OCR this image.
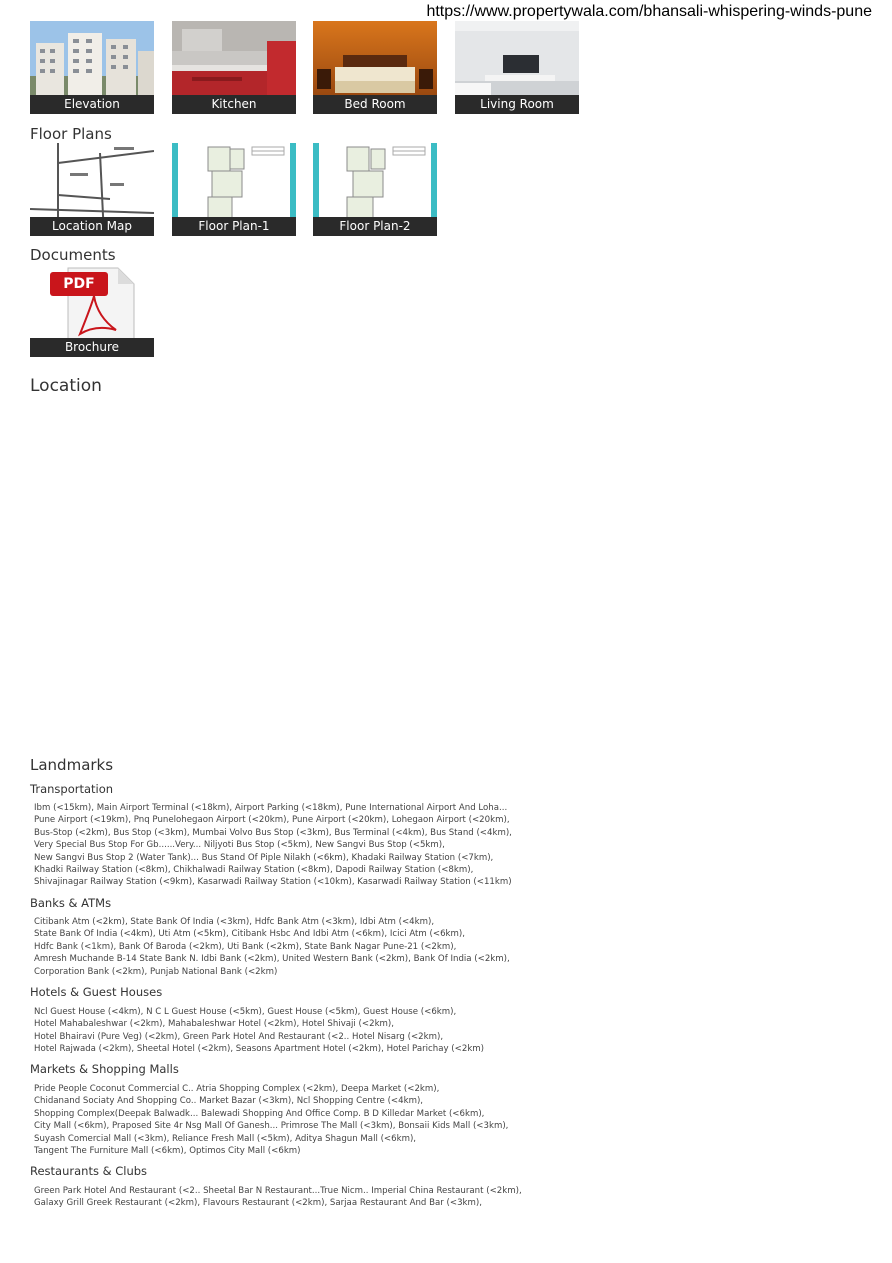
https://www.propertywala.com/bhansali-whispering-winds-pune
Elevation	Kitchen	Bed Room	Living Room
Floor Plans
Location Map	Floor Plan-1	Floor Plan-2
Documents
PDF
Brochure
Location
Landmarks
Transportation
Ibm (<15km), Main Airport Terminal (<18km), Airport Parking (<18km), Pune International Airport And Loha...
Pune Airport (<19km), Pnq Punelohegaon Airport (<20km), Pune Airport (<20km), Lohegaon Airport (<20km),
Bus-Stop (<2km), Bus Stop (<3km), Mumbai Volvo Bus Stop (<3km), Bus Terminal (<4km), Bus Stand (<4km),
Very Special Bus Stop For Gb......Very... Niljyoti Bus Stop (<5km), New Sangvi Bus Stop (<5km),
New Sangvi Bus Stop 2 (Water Tank)... Bus Stand Of Piple Nilakh (<6km), Khadaki Railway Station (<7km),
Khadki Railway Station (<8km), Chikhalwadi Railway Station (<8km), Dapodi Railway Station (<8km),
Shivajinagar Railway Station (<9km), Kasarwadi Railway Station (<10km), Kasarwadi Railway Station (<11km)
Banks & ATMs
Citibank Atm (<2km), State Bank Of India (<3km), Hdfc Bank Atm (<3km), Idbi Atm (<4km),
State Bank Of India (<4km), Uti Atm (<5km), Citibank Hsbc And Idbi Atm (<6km), Icici Atm (<6km),
Hdfc Bank (<1km), Bank Of Baroda (<2km), Uti Bank (<2km), State Bank Nagar Pune-21 (<2km),
Amresh Muchande B-14 State Bank N. Idbi Bank (<2km), United Western Bank (<2km), Bank Of India (<2km),
Corporation Bank (<2km), Punjab National Bank (<2km)
Hotels & Guest Houses
Ncl Guest House (<4km), N C L Guest House (<5km), Guest House (<5km), Guest House (<6km),
Hotel Mahabaleshwar (<2km), Mahabaleshwar Hotel (<2km), Hotel Shivaji (<2km),
Hotel Bhairavi (Pure Veg) (<2km), Green Park Hotel And Restaurant (<2.. Hotel Nisarg (<2km),
Hotel Rajwada (<2km), Sheetal Hotel (<2km), Seasons Apartment Hotel (<2km), Hotel Parichay (<2km)
Markets & Shopping Malls
Pride People Coconut Commercial C.. Atria Shopping Complex (<2km), Deepa Market (<2km),
Chidanand Sociaty And Shopping Co.. Market Bazar (<3km), Ncl Shopping Centre (<4km),
Shopping Complex(Deepak Balwadk... Balewadi Shopping And Office Comp. B D Killedar Market (<6km),
City Mall (<6km), Praposed Site 4r Nsg Mall Of Ganesh... Primrose The Mall (<3km), Bonsaii Kids Mall (<3km),
Suyash Comercial Mall (<3km), Reliance Fresh Mall (<5km), Aditya Shagun Mall (<6km),
Tangent The Furniture Mall (<6km), Optimos City Mall (<6km)
Restaurants & Clubs
Green Park Hotel And Restaurant (<2.. Sheetal Bar N Restaurant...True Nicm.. Imperial China Restaurant (<2km),
Galaxy Grill Greek Restaurant (<2km), Flavours Restaurant (<2km), Sarjaa Restaurant And Bar (<3km),
